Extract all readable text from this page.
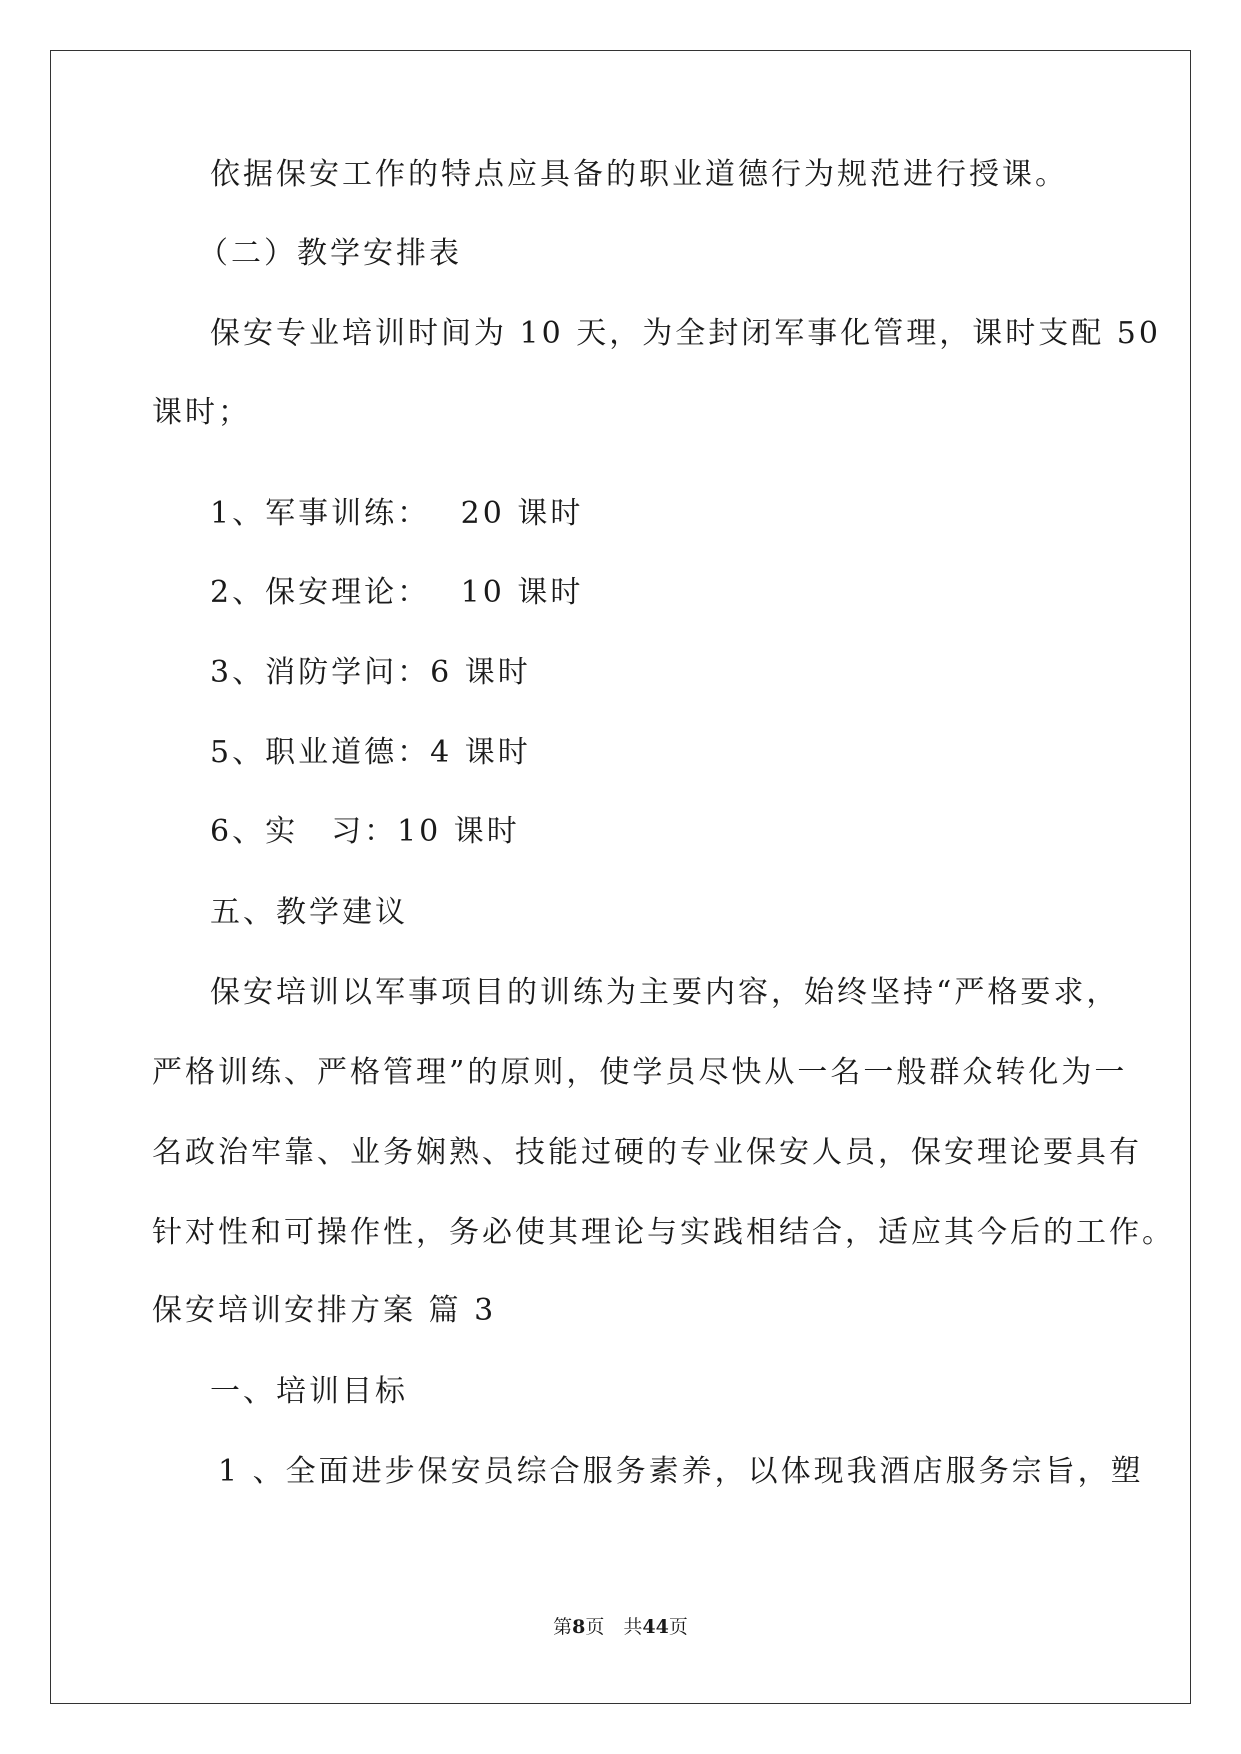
依据保安工作的特点应具备的职业道德行为规范进行授课。
（二）教学安排表
保安专业培训时间为 10 天，为全封闭军事化管理，课时支配 50
课时；
1、军事训练：　 20 课时
2、保安理论：　 10 课时
3、消防学问：6 课时
5、职业道德：4 课时
6、实　习：10 课时
五、教学建议
保安培训以军事项目的训练为主要内容，始终坚持“严格要求，
严格训练、严格管理”的原则，使学员尽快从一名一般群众转化为一
名政治牢靠、业务娴熟、技能过硬的专业保安人员，保安理论要具有
针对性和可操作性，务必使其理论与实践相结合，适应其今后的工作。
保安培训安排方案 篇 3
一、培训目标
1 、全面进步保安员综合服务素养，以体现我酒店服务宗旨，塑
第8页　共44页
